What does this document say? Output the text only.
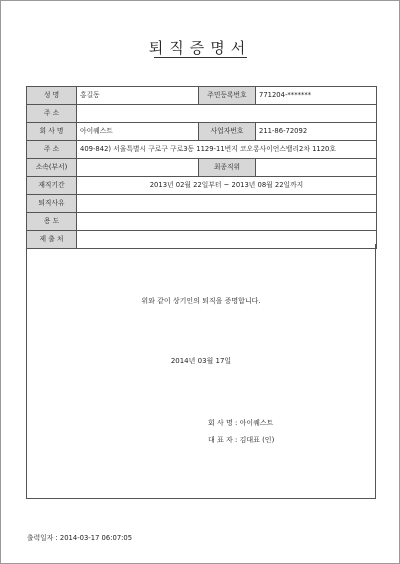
퇴직증명서
성 명	홍길동	주민등록번호	771204-*******
주 소			
회 사 명	아이퀘스트	사업자번호	211-86-72092
주 소	409-842) 서울특별시 구로구 구로3동 1129-11번지 코오롱사이언스밸리2차 1120호		
소속(부서)		최종직위	
재직기간	2013년 02월 22일부터 ~ 2013년 08월 22일까지		
퇴직사유			
용 도			
제 출 처			
위와 같이 상기인의 퇴직을 증명합니다.
2014년 03월 17일
회 사 명 : 아이퀘스트
대 표 자 : 김대표 (인)
출력일자 : 2014-03-17 06:07:05
